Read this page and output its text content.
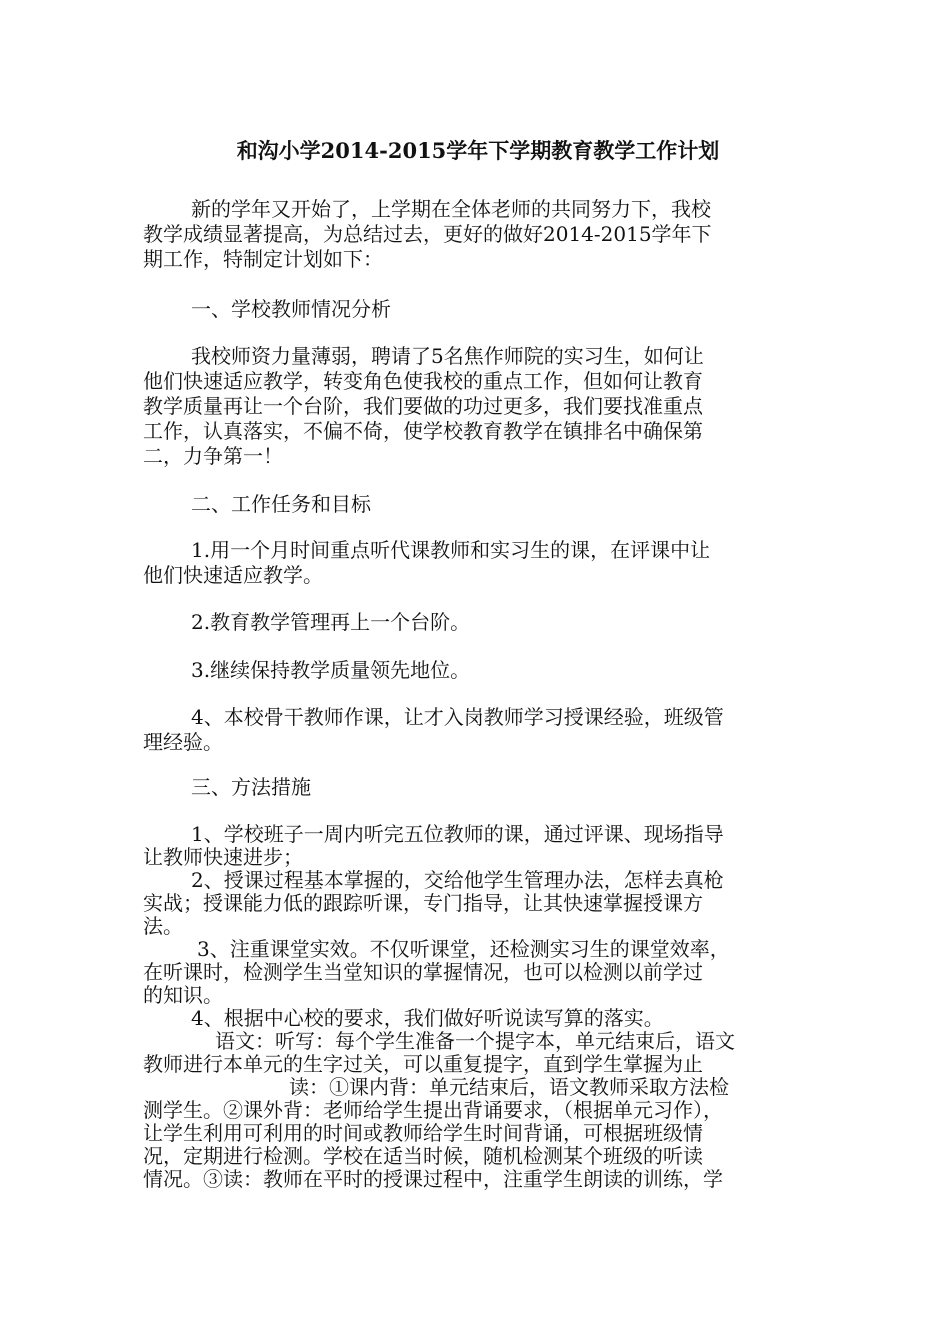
和沟小学2014-2015学年下学期教育教学工作计划
新的学年又开始了，上学期在全体老师的共同努力下，我校
教学成绩显著提高，为总结过去，更好的做好2014-2015学年下
期工作，特制定计划如下：
一、学校教师情况分析
我校师资力量薄弱，聘请了5名焦作师院的实习生，如何让
他们快速适应教学，转变角色使我校的重点工作，但如何让教育
教学质量再让一个台阶，我们要做的功过更多，我们要找准重点
工作，认真落实，不偏不倚，使学校教育教学在镇排名中确保第
二，力争第一！
二、工作任务和目标
1.用一个月时间重点听代课教师和实习生的课，在评课中让
他们快速适应教学。
2.教育教学管理再上一个台阶。
3.继续保持教学质量领先地位。
4、本校骨干教师作课，让才入岗教师学习授课经验，班级管
理经验。
三、方法措施
1、学校班子一周内听完五位教师的课，通过评课、现场指导
让教师快速进步；
2、授课过程基本掌握的，交给他学生管理办法，怎样去真枪
实战；授课能力低的跟踪听课，专门指导，让其快速掌握授课方
法。
3、注重课堂实效。不仅听课堂，还检测实习生的课堂效率，
在听课时，检测学生当堂知识的掌握情况，也可以检测以前学过
的知识。
4、根据中心校的要求，我们做好听说读写算的落实。
语文：听写：每个学生准备一个提字本，单元结束后，语文
教师进行本单元的生字过关，可以重复提字，直到学生掌握为止
读：①课内背：单元结束后，语文教师采取方法检
测学生。②课外背：老师给学生提出背诵要求，（根据单元习作），
让学生利用可利用的时间或教师给学生时间背诵，可根据班级情
况，定期进行检测。学校在适当时候，随机检测某个班级的听读
情况。③读：教师在平时的授课过程中，注重学生朗读的训练，学
